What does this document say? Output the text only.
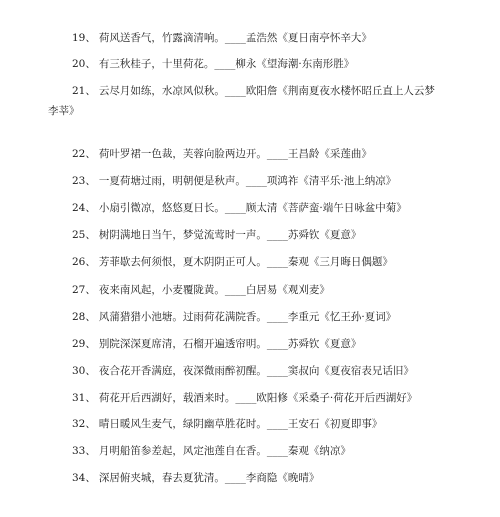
19、 荷风送香气，竹露滴清响。____孟浩然《夏日南亭怀辛大》
20、 有三秋桂子，十里荷花。____柳永《望海潮·东南形胜》
21、 云尽月如练，水凉风似秋。____欧阳詹《荆南夏夜水楼怀昭丘直上人云梦
李莘》
22、 荷叶罗裙一色裁，芙蓉向脸两边开。____王昌龄《采莲曲》
23、 一夏荷塘过雨，明朝便是秋声。____项鸿祚《清平乐·池上纳凉》
24、 小扇引微凉，悠悠夏日长。____顾太清《菩萨蛮·端午日咏盆中菊》
25、 树阴满地日当午，梦觉流莺时一声。____苏舜钦《夏意》
26、 芳菲歇去何须恨，夏木阴阴正可人。____秦观《三月晦日偶题》
27、 夜来南风起，小麦覆陇黄。____白居易《观刈麦》
28、 风蒲猎猎小池塘。过雨荷花满院香。____李重元《忆王孙·夏词》
29、 别院深深夏席清，石榴开遍透帘明。____苏舜钦《夏意》
30、 夜合花开香满庭，夜深微雨醉初醒。____窦叔向《夏夜宿表兄话旧》
31、 荷花开后西湖好，载酒来时。____欧阳修《采桑子·荷花开后西湖好》
32、 晴日暖风生麦气，绿阴幽草胜花时。____王安石《初夏即事》
33、 月明船笛参差起，风定池莲自在香。____秦观《纳凉》
34、 深居俯夹城，春去夏犹清。____李商隐《晚晴》
